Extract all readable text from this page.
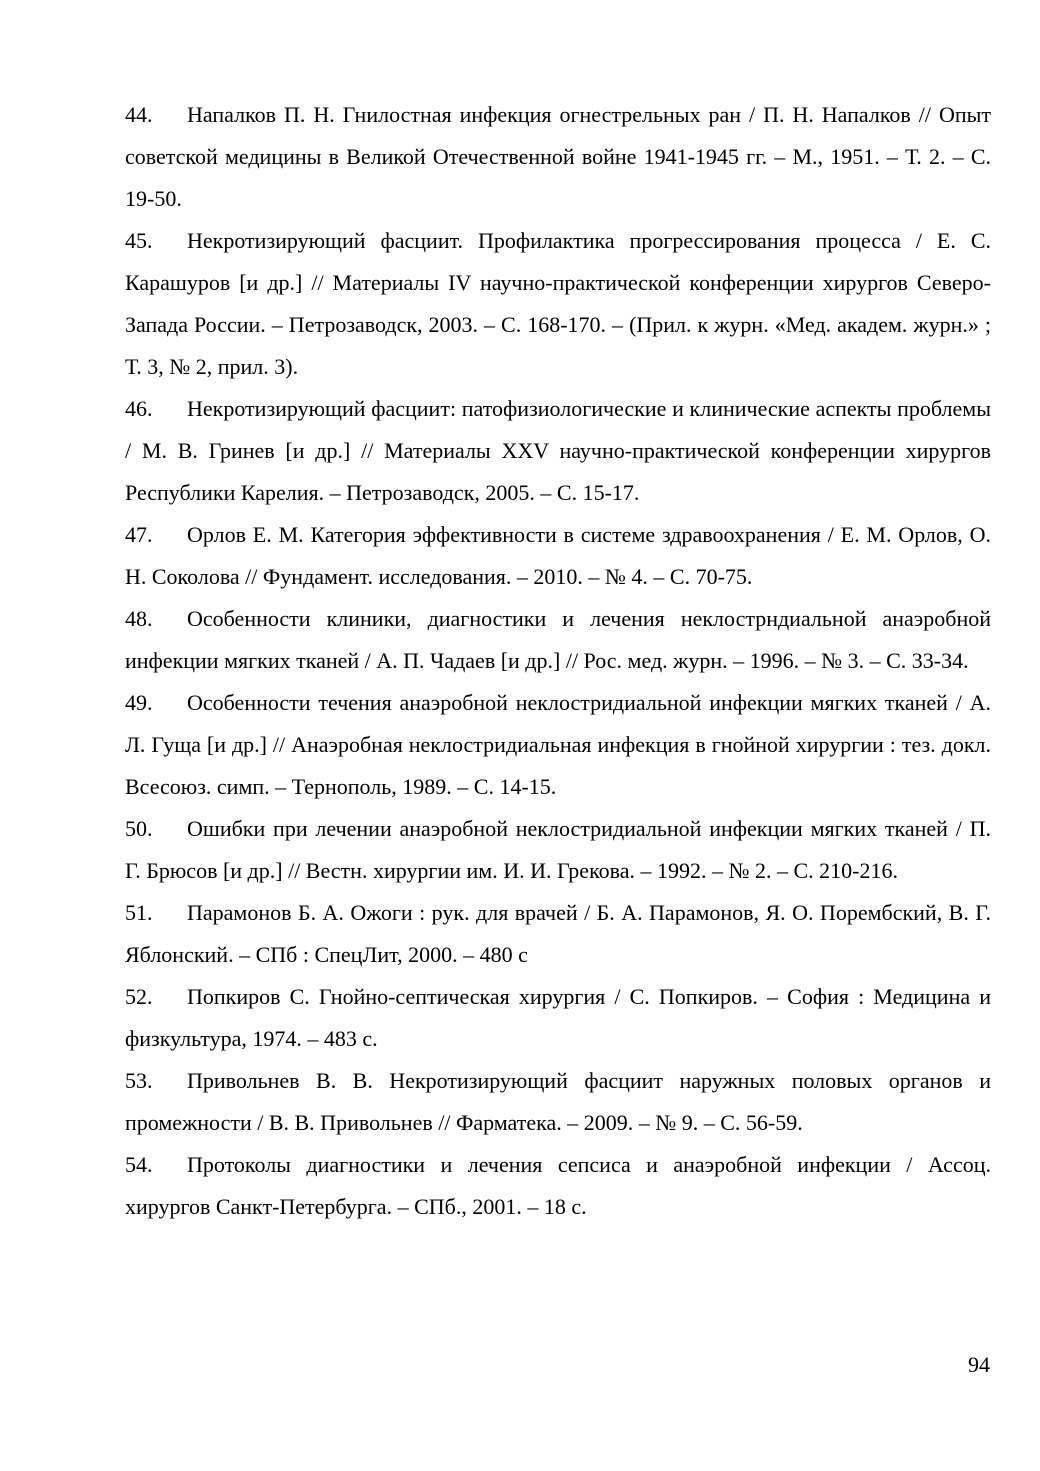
44. Напалков П. Н. Гнилостная инфекция огнестрельных ран / П. Н. Напалков // Опыт советской медицины в Великой Отечественной войне 1941-1945 гг. – М., 1951. – Т. 2. – С. 19-50.
45. Некротизирующий фасциит. Профилактика прогрессирования процесса / Е. С. Карашуров [и др.] // Материалы IV научно-практической конференции хирургов Северо-Запада России. – Петрозаводск, 2003. – С. 168-170. – (Прил. к журн. «Мед. академ. журн.» ; Т. 3, № 2, прил. 3).
46. Некротизирующий фасциит: патофизиологические и клинические аспекты проблемы / М. В. Гринев [и др.] // Материалы XXV научно-практической конференции хирургов Республики Карелия. – Петрозаводск, 2005. – С. 15-17.
47. Орлов Е. М. Категория эффективности в системе здравоохранения / Е. М. Орлов, О. Н. Соколова // Фундамент. исследования. – 2010. – № 4. – С. 70-75.
48. Особенности клиники, диагностики и лечения неклострндиальной анаэробной инфекции мягких тканей / А. П. Чадаев [и др.] // Рос. мед. журн. – 1996. – № 3. – С. 33-34.
49. Особенности течения анаэробной неклостридиальной инфекции мягких тканей / А. Л. Гуща [и др.] // Анаэробная неклостридиальная инфекция в гнойной хирургии : тез. докл. Всесоюз. симп. – Тернополь, 1989. – С. 14-15.
50. Ошибки при лечении анаэробной неклостридиальной инфекции мягких тканей / П. Г. Брюсов [и др.] // Вестн. хирургии им. И. И. Грекова. – 1992. – № 2. – С. 210-216.
51. Парамонов Б. А. Ожоги : рук. для врачей / Б. А. Парамонов, Я. О. Порембский, В. Г. Яблонский. – СПб : СпецЛит, 2000. – 480 с
52. Попкиров С. Гнойно-септическая хирургия / С. Попкиров. – София : Медицина и физкультура, 1974. – 483 с.
53. Привольнев В. В. Некротизирующий фасциит наружных половых органов и промежности / В. В. Привольнев // Фарматека. – 2009. – № 9. – С. 56-59.
54. Протоколы диагностики и лечения сепсиса и анаэробной инфекции / Ассоц. хирургов Санкт-Петербурга. – СПб., 2001. – 18 с.
94
